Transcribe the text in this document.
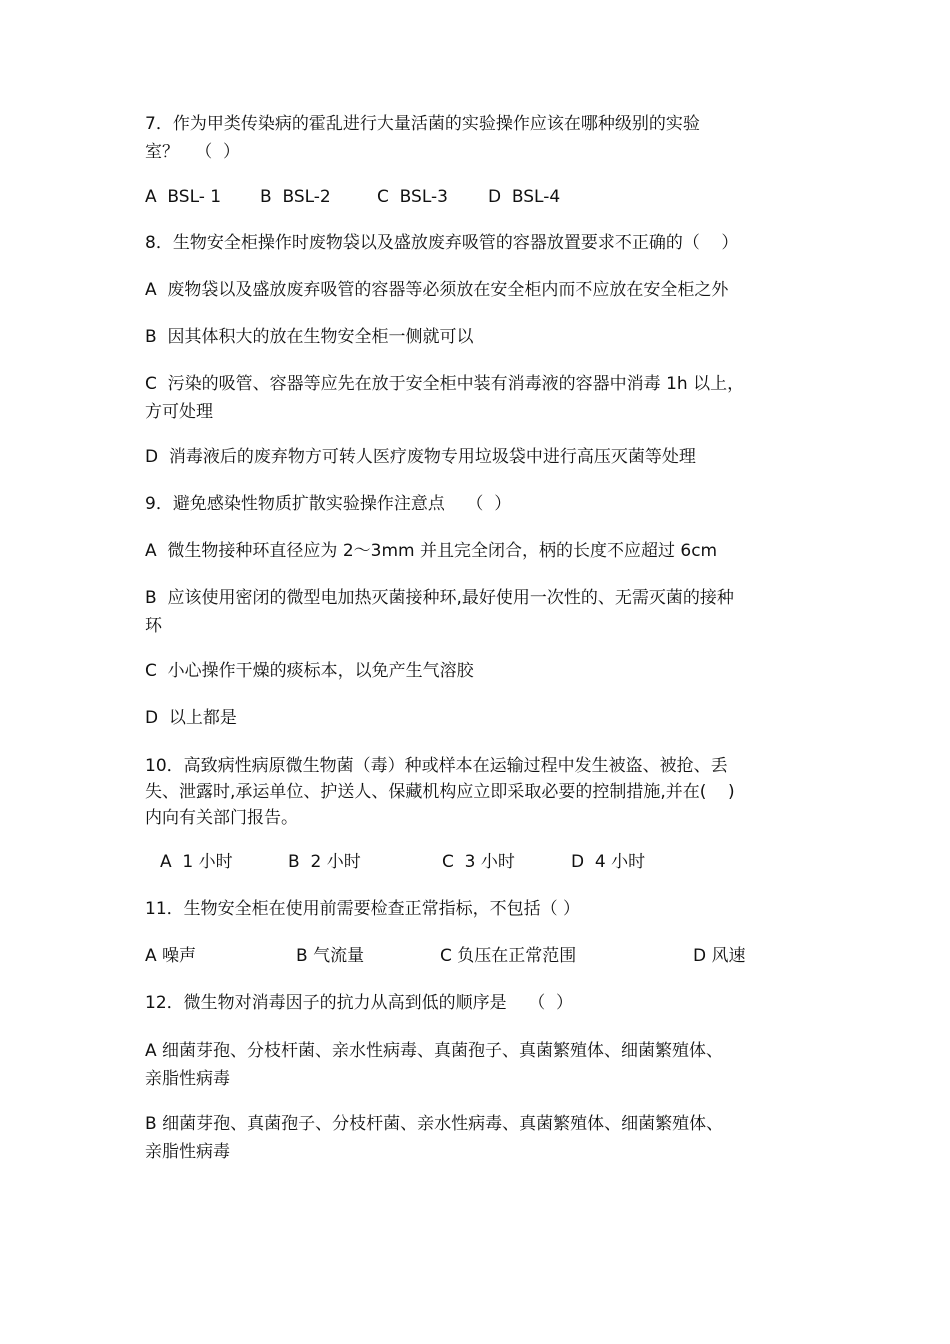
7．作为甲类传染病的霍乱进行大量活菌的实验操作应该在哪种级别的实验

室？   （  ）

A  BSL- 1

B  BSL-2

	C  BSL-3

D  BSL-4

8．生物安全柜操作时废物袋以及盛放废弃吸管的容器放置要求不正确的（    ）

A  废物袋以及盛放废弃吸管的容器等必须放在安全柜内而不应放在安全柜之外

B  因其体积大的放在生物安全柜一侧就可以

C  污染的吸管、容器等应先在放于安全柜中装有消毒液的容器中消毒 1h 以上，

方可处理

D  消毒液后的废弃物方可转人医疗废物专用垃圾袋中进行高压灭菌等处理

9．避免感染性物质扩散实验操作注意点    （  ）

A  微生物接种环直径应为 2～3mm 并且完全闭合，柄的长度不应超过 6cm

B  应该使用密闭的微型电加热灭菌接种环,最好使用一次性的、无需灭菌的接种

环

C  小心操作干燥的痰标本，以免产生气溶胶

D  以上都是

10．高致病性病原微生物菌（毒）种或样本在运输过程中发生被盗、被抢、丢

失、泄露时,承运单位、护送人、保藏机构应立即采取必要的控制措施,并在(    )

内向有关部门报告。

A  1 小时

	B  2 小时

	C  3 小时

	D  4 小时

11．生物安全柜在使用前需要检查正常指标，不包括（ ）

A 噪声

	B 气流量

	C 负压在正常范围

	D 风速

12．微生物对消毒因子的抗力从高到低的顺序是    （  ）

A 细菌芽孢、分枝杆菌、亲水性病毒、真菌孢子、真菌繁殖体、细菌繁殖体、

亲脂性病毒

B 细菌芽孢、真菌孢子、分枝杆菌、亲水性病毒、真菌繁殖体、细菌繁殖体、

亲脂性病毒
